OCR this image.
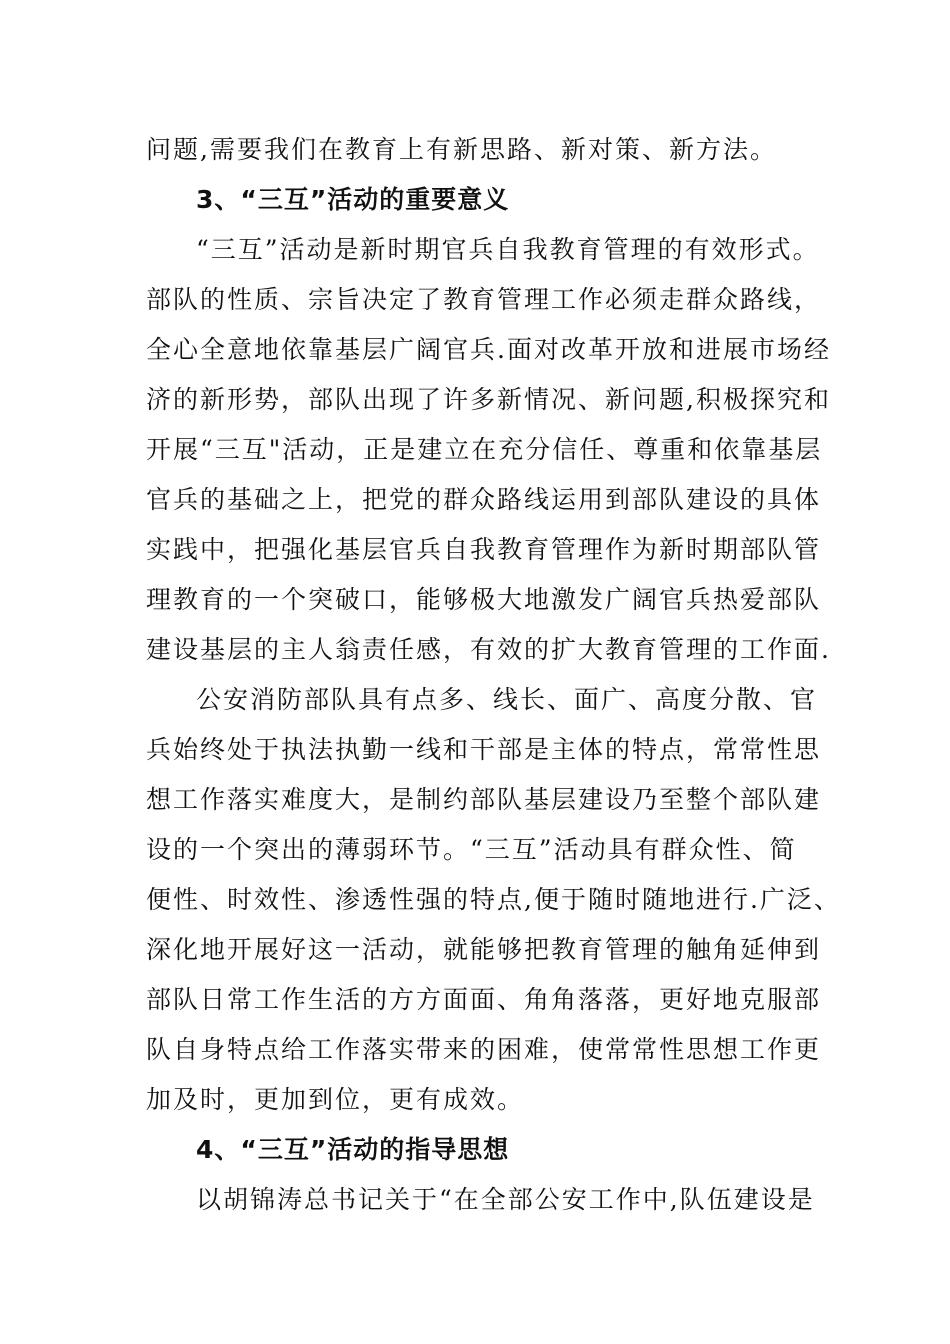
问题,需要我们在教育上有新思路、新对策、新方法。

3、“三互”活动的重要意义

“三互”活动是新时期官兵自我教育管理的有效形式。

部队的性质、宗旨决定了教育管理工作必须走群众路线，

全心全意地依靠基层广阔官兵.面对改革开放和进展市场经

济的新形势，部队出现了许多新情况、新问题,积极探究和

开展“三互"活动，正是建立在充分信任、尊重和依靠基层

官兵的基础之上，把党的群众路线运用到部队建设的具体

实践中，把强化基层官兵自我教育管理作为新时期部队管

理教育的一个突破口，能够极大地激发广阔官兵热爱部队

建设基层的主人翁责任感，有效的扩大教育管理的工作面.

公安消防部队具有点多、线长、面广、高度分散、官

兵始终处于执法执勤一线和干部是主体的特点，常常性思

想工作落实难度大，是制约部队基层建设乃至整个部队建

设的一个突出的薄弱环节。“三互”活动具有群众性、简

便性、时效性、渗透性强的特点,便于随时随地进行.广泛、

深化地开展好这一活动，就能够把教育管理的触角延伸到

部队日常工作生活的方方面面、角角落落，更好地克服部

队自身特点给工作落实带来的困难，使常常性思想工作更

加及时，更加到位，更有成效。

4、“三互”活动的指导思想

以胡锦涛总书记关于“在全部公安工作中,队伍建设是
